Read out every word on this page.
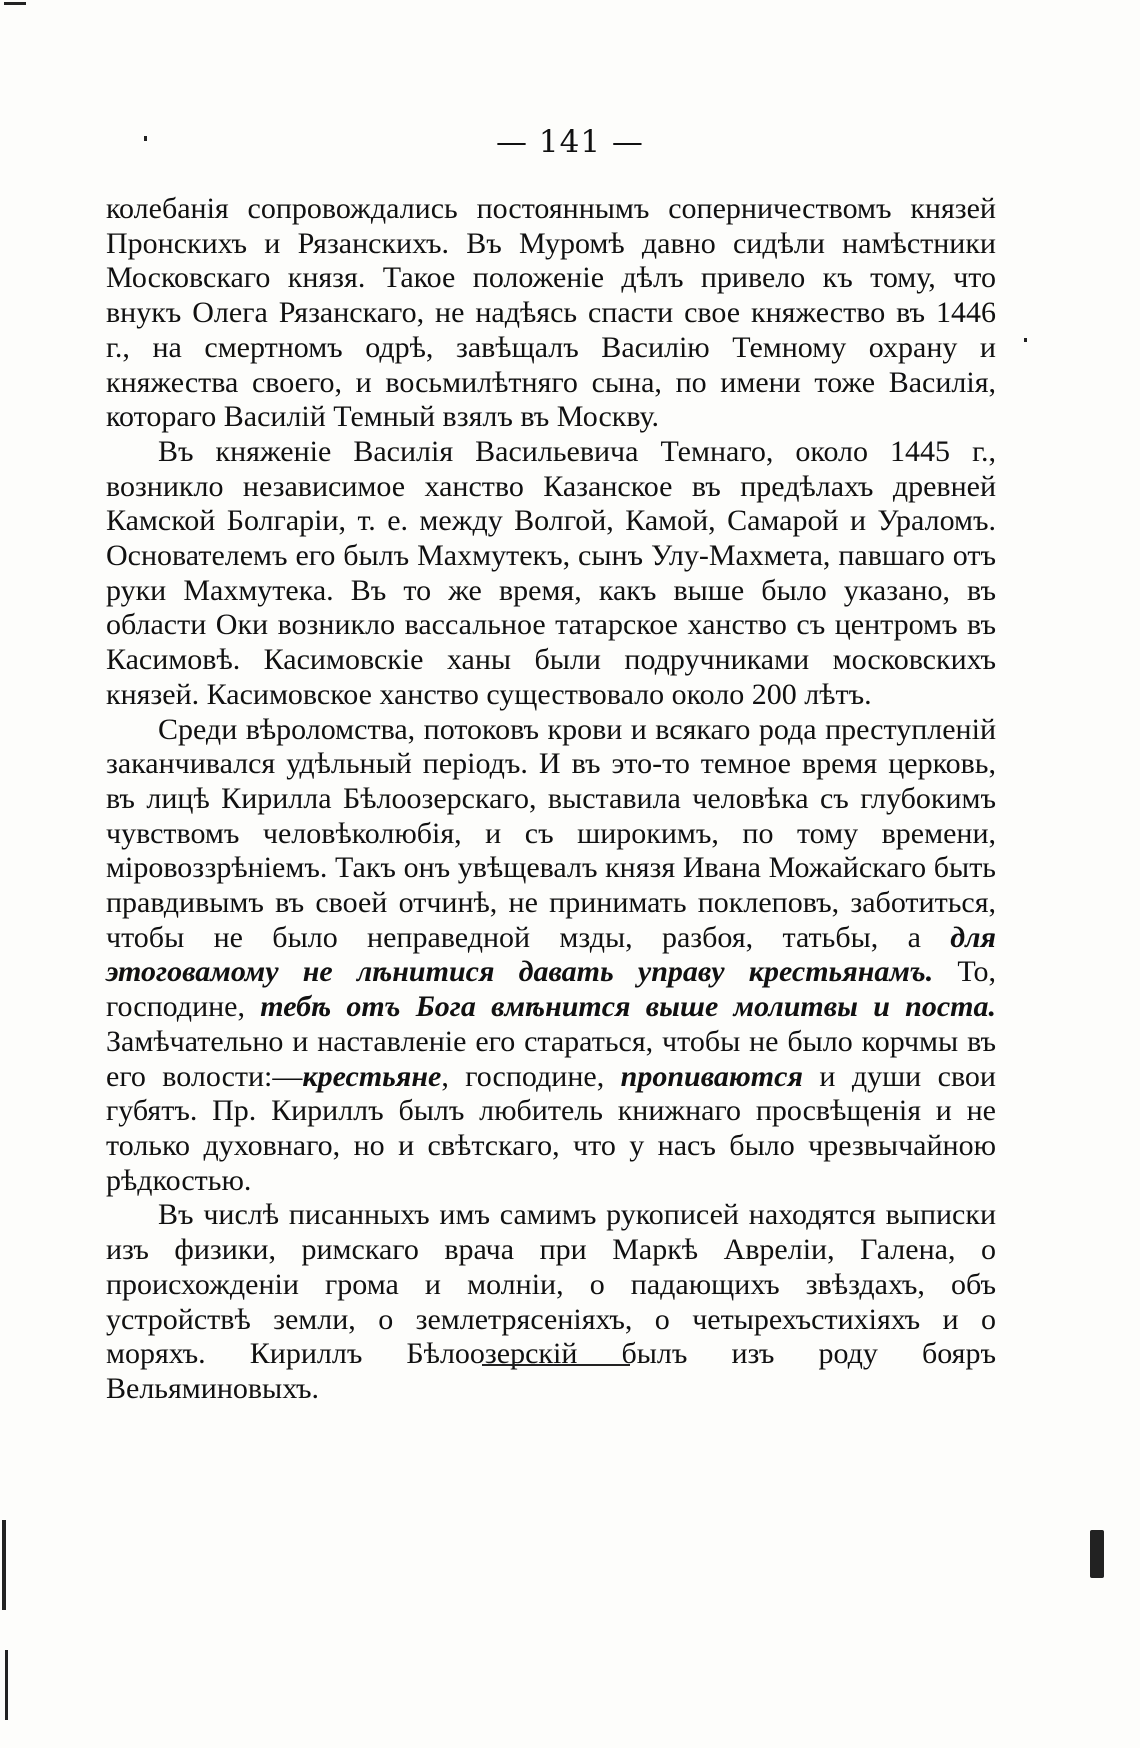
— 141 —

колебанія сопровождались постояннымъ соперничествомъ князей Пронскихъ и Рязанскихъ. Въ Муромѣ давно сидѣли намѣстники Московскаго князя. Такое положеніе дѣлъ привело къ тому, что внукъ Олега Рязанскаго, не надѣясь спасти свое княжество въ 1446 г., на смертномъ одрѣ, завѣщалъ Василію Темному охрану и княжества своего, и восьмилѣтняго сына, по имени тоже Василія, котораго Василій Темный взялъ въ Москву.

Въ княженіе Василія Васильевича Темнаго, около 1445 г., возникло независимое ханство Казанское въ предѣлахъ древней Камской Болгаріи, т. е. между Волгой, Камой, Самарой и Ураломъ. Основателемъ его былъ Махмутекъ, сынъ Улу-Махмета, павшаго отъ руки Махмутека. Въ то же время, какъ выше было указано, въ области Оки возникло вассальное татарское ханство съ центромъ въ Касимовѣ. Касимовскіе ханы были подручниками московскихъ князей. Касимовское ханство существовало около 200 лѣтъ.

Среди вѣроломства, потоковъ крови и всякаго рода преступленій заканчивался удѣльный періодъ. И въ это-то темное время церковь, въ лицѣ Кирилла Бѣлоозерскаго, выставила человѣка съ глубокимъ чувствомъ человѣколюбія, и съ широкимъ, по тому времени, міровоззрѣніемъ. Такъ онъ увѣщевалъ князя Ивана Можайскаго быть правдивымъ въ своей отчинѣ, не принимать поклеповъ, заботиться, чтобы не было неправедной мзды, разбоя, татьбы, а для этоговамому не лѣнитися давать управу крестьянамъ. То, господине, тебѣ отъ Бога вмѣнится выше молитвы и поста. Замѣчательно и наставленіе его стараться, чтобы не было корчмы въ его волости:—крестьяне, господине, пропиваются и души свои губятъ. Пр. Кириллъ былъ любитель книжнаго просвѣщенія и не только духовнаго, но и свѣтскаго, что у насъ было чрезвычайною рѣдкостью.

Въ числѣ писанныхъ имъ самимъ рукописей находятся выписки изъ физики, римскаго врача при Маркѣ Авреліи, Галена, о происхожденіи грома и молніи, о падающихъ звѣздахъ, объ устройствѣ земли, о землетрясеніяхъ, о четырехъстихіяхъ и о моряхъ. Кириллъ Бѣлоозерскій былъ изъ роду бояръ Вельяминовыхъ.
